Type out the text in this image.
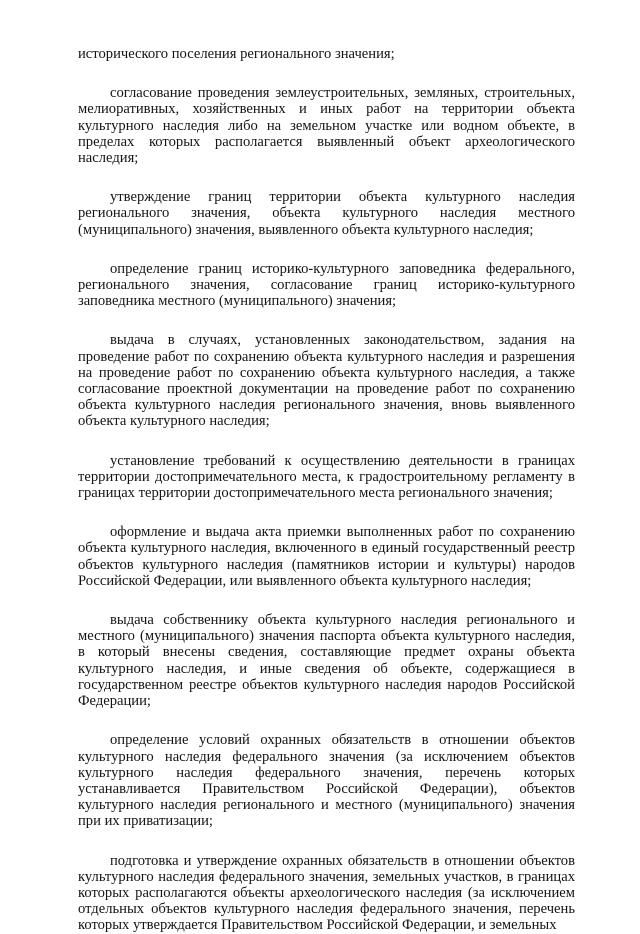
исторического поселения регионального значения;

согласование проведения землеустроительных, земляных, строительных, мелиоративных, хозяйственных и иных работ на территории объекта культурного наследия либо на земельном участке или водном объекте, в пределах которых располагается выявленный объект археологического наследия;

утверждение границ территории объекта культурного наследия регионального значения, объекта культурного наследия местного (муниципального) значения, выявленного объекта культурного наследия;

определение границ историко-культурного заповедника федерального, регионального значения, согласование границ историко-культурного заповедника местного (муниципального) значения;

выдача в случаях, установленных законодательством, задания на проведение работ по сохранению объекта культурного наследия и разрешения на проведение работ по сохранению объекта культурного наследия, а также согласование проектной документации на проведение работ по сохранению объекта культурного наследия регионального значения, вновь выявленного объекта культурного наследия;

установление требований к осуществлению деятельности в границах территории достопримечательного места, к градостроительному регламенту в границах территории достопримечательного места регионального значения;

оформление и выдача акта приемки выполненных работ по сохранению объекта культурного наследия, включенного в единый государственный реестр объектов культурного наследия (памятников истории и культуры) народов Российской Федерации, или выявленного объекта культурного наследия;

выдача собственнику объекта культурного наследия регионального и местного (муниципального) значения паспорта объекта культурного наследия, в который внесены сведения, составляющие предмет охраны объекта культурного наследия, и иные сведения об объекте, содержащиеся в государственном реестре объектов культурного наследия народов Российской Федерации;

определение условий охранных обязательств в отношении объектов культурного наследия федерального значения (за исключением объектов культурного наследия федерального значения, перечень которых устанавливается Правительством Российской Федерации), объектов культурного наследия регионального и местного (муниципального) значения при их приватизации;

подготовка и утверждение охранных обязательств в отношении объектов культурного наследия федерального значения, земельных участков, в границах которых располагаются объекты археологического наследия (за исключением отдельных объектов культурного наследия федерального значения, перечень которых утверждается Правительством Российской Федерации, и земельных
